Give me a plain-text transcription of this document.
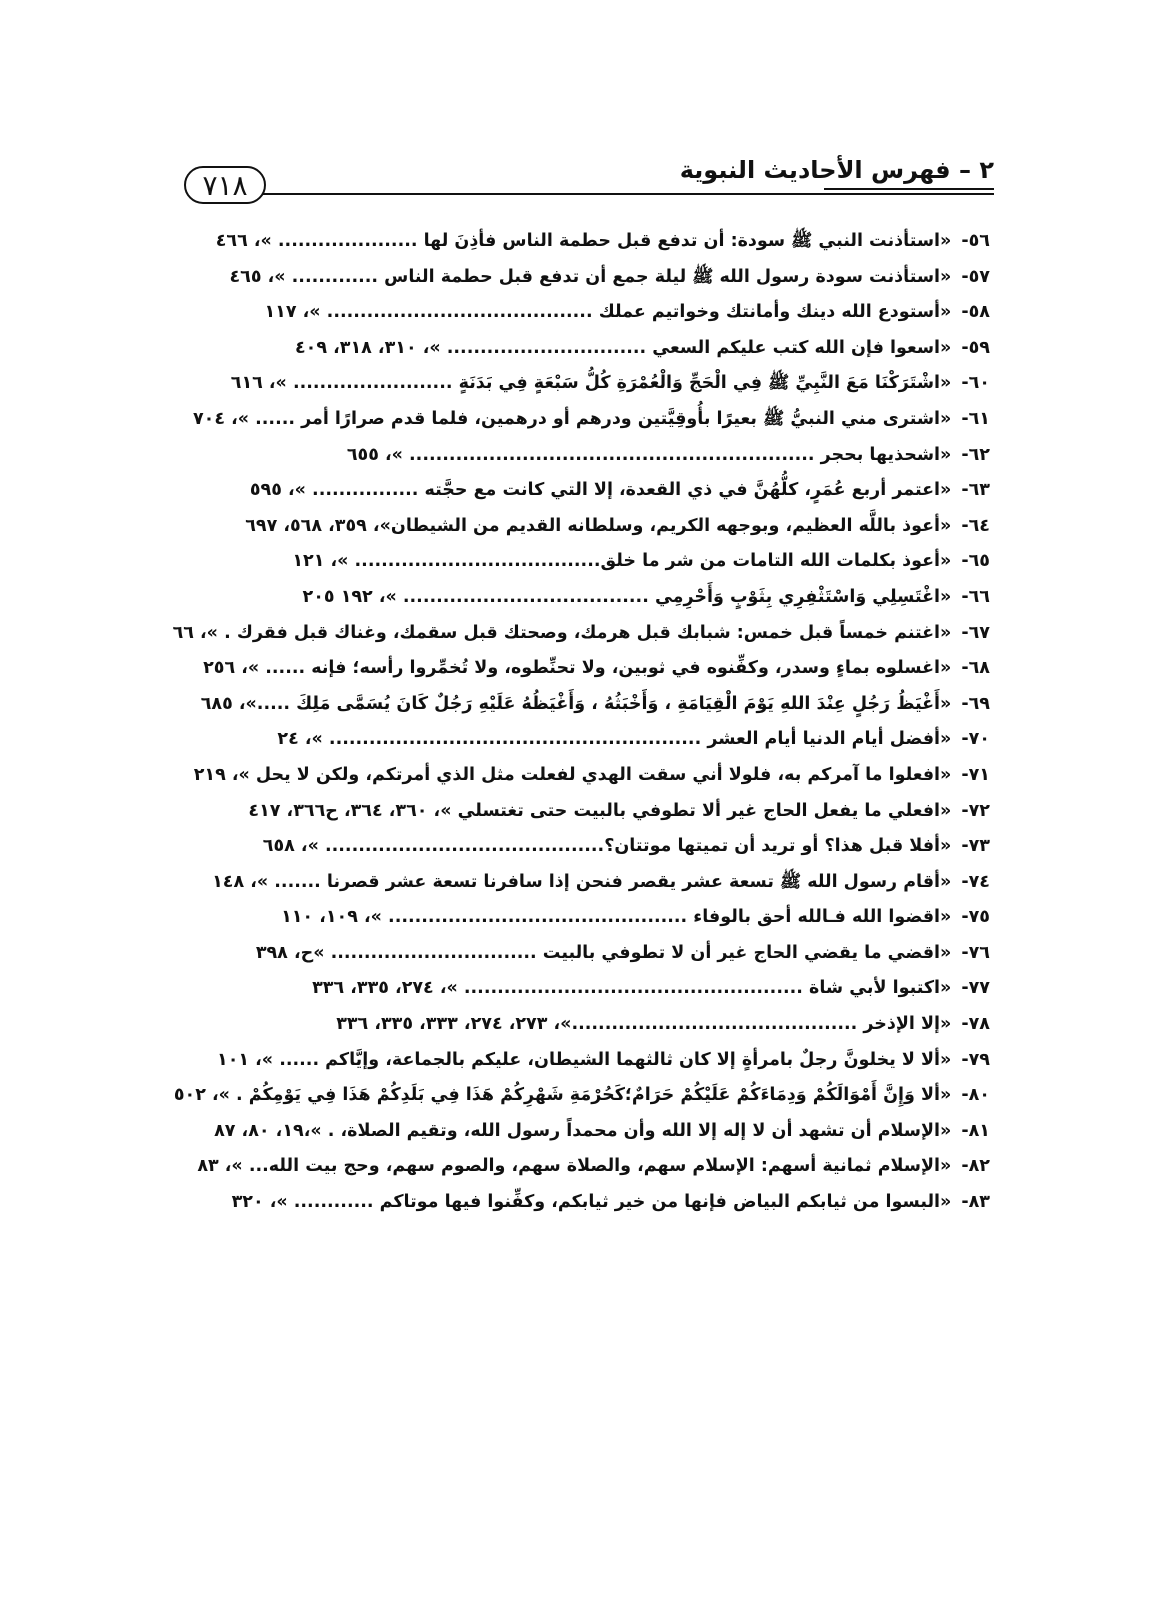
٢ – فهرس الأحاديث النبوية
٧١٨
٥٦-
«استأذنت النبي ﷺ سودة: أن تدفع قبل حطمة الناس فأذِنَ لها ..................... »، ٤٦٦
٥٧-
«استأذنت سودة رسول الله ﷺ ليلة جمع أن تدفع قبل حطمة الناس ............. »، ٤٦٥
٥٨-
«أستودع الله دينك وأمانتك وخواتيم عملك ........................................ »، ١١٧
٥٩-
«اسعوا فإن الله كتب عليكم السعي .............................. »، ٣١٠، ٣١٨، ٤٠٩
٦٠-
«اشْتَرَكْنَا مَعَ النَّبِيِّ ﷺ فِي الْحَجِّ وَالْعُمْرَةِ كُلُّ سَبْعَةٍ فِي بَدَنَةٍ ........................ »، ٦١٦
٦١-
«اشترى مني النبيُّ ﷺ بعيرًا بأُوقِيَّتين ودرهم أو درهمين، فلما قدم صرارًا أمر ...... »، ٧٠٤
٦٢-
«اشحذيها بحجر ............................................................. »، ٦٥٥
٦٣-
«اعتمر أربع عُمَرٍ، كلُّهُنَّ في ذي القعدة، إلا التي كانت مع حجَّته ................ »، ٥٩٥
٦٤-
«أعوذ باللَّه العظيم، وبوجهه الكريم، وسلطانه القديم من الشيطان»، ٣٥٩، ٥٦٨، ٦٩٧
٦٥-
«أعوذ بكلمات الله التامات من شر ما خلق..................................... »، ١٢١
٦٦-
«اغْتَسِلِي وَاسْتَثْفِرِي بِثَوْبٍ وَأَحْرِمِي ..................................... »، ١٩٢ ٢٠٥
٦٧-
«اغتنم خمساً قبل خمس: شبابك قبل هرمك، وصحتك قبل سقمك، وغناك قبل فقرك . »، ٦٦
٦٨-
«اغسلوه بماءٍ وسدر، وكفِّنوه في ثوبين، ولا تحنِّطوه، ولا تُخمِّروا رأسه؛ فإنه ...... »، ٢٥٦
٦٩-
«أَغْيَظُ رَجُلٍ عِنْدَ اللهِ يَوْمَ الْقِيَامَةِ ، وَأَخْبَثُهُ ، وَأَغْيَظُهُ عَلَيْهِ رَجُلٌ كَانَ يُسَمَّى مَلِكَ .....»، ٦٨٥
٧٠-
«أفضل أيام الدنيا أيام العشر ........................................................ »، ٢٤
٧١-
«افعلوا ما آمركم به، فلولا أني سقت الهدي لفعلت مثل الذي أمرتكم، ولكن لا يحل »، ٢١٩
٧٢-
«افعلي ما يفعل الحاج غير ألا تطوفي بالبيت حتى تغتسلي »، ٣٦٠، ٣٦٤، ح٣٦٦، ٤١٧
٧٣-
«أفلا قبل هذا؟ أو تريد أن تميتها موتتان؟.......................................... »، ٦٥٨
٧٤-
«أقام رسول الله ﷺ تسعة عشر يقصر فنحن إذا سافرنا تسعة عشر قصرنا ....... »، ١٤٨
٧٥-
«اقضوا الله فـالله أحق بالوفاء ............................................. »، ١٠٩، ١١٠
٧٦-
«اقضي ما يقضي الحاج غير أن لا تطوفي بالبيت ............................... »ح، ٣٩٨
٧٧-
«اكتبوا لأبي شاة ................................................... »، ٢٧٤، ٣٣٥، ٣٣٦
٧٨-
«إلا الإذخر ...........................................»، ٢٧٣، ٢٧٤، ٣٣٣، ٣٣٥، ٣٣٦
٧٩-
«ألا لا يخلونَّ رجلٌ بامرأةٍ إلا كان ثالثهما الشيطان، عليكم بالجماعة، وإيَّاكم ...... »، ١٠١
٨٠-
«ألا وَإِنَّ أَمْوَالَكُمْ وَدِمَاءَكُمْ عَلَيْكُمْ حَرَامٌ؛كَحُرْمَةِ شَهْرِكُمْ هَذَا فِي بَلَدِكُمْ هَذَا فِي يَوْمِكُمْ . »، ٥٠٢
٨١-
«الإسلام أن تشهد أن لا إله إلا الله وأن محمداً رسول الله، وتقيم الصلاة، . »،١٩، ٨٠، ٨٧
٨٢-
«الإسلام ثمانية أسهم: الإسلام سهم، والصلاة سهم، والصوم سهم، وحج بيت الله... »، ٨٣
٨٣-
«البسوا من ثيابكم البياض فإنها من خير ثيابكم، وكفِّنوا فيها موتاكم ............ »، ٣٢٠
